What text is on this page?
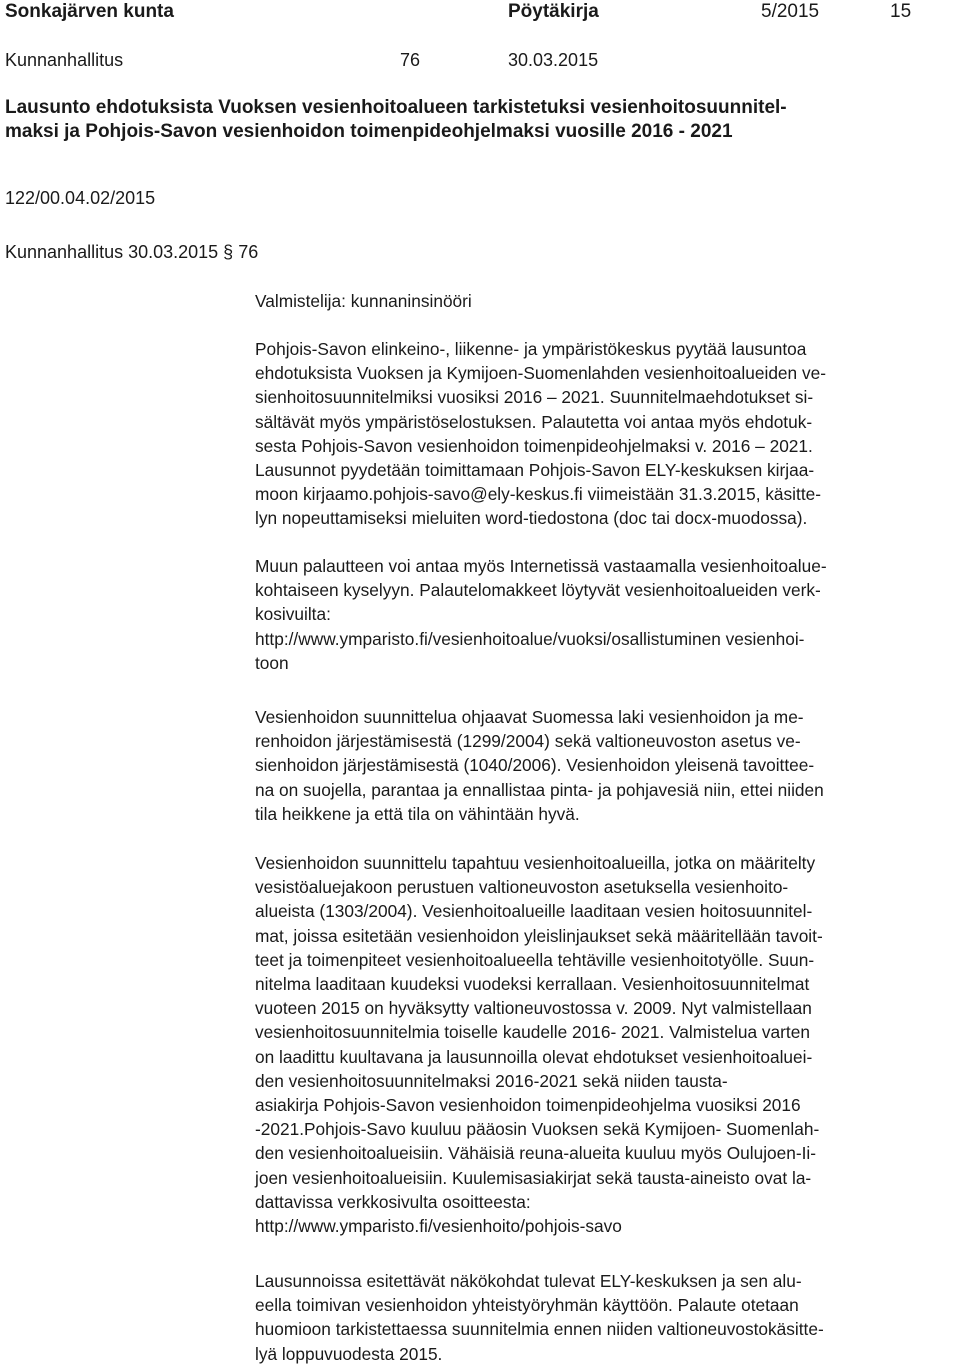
Sonkajärven kunta	Pöytäkirja	5/2015	15
Kunnanhallitus	76	30.03.2015
Lausunto ehdotuksista Vuoksen vesienhoitoalueen tarkistetuksi vesienhoitosuunnitel-
maksi ja Pohjois-Savon vesienhoidon toimenpideohjelmaksi vuosille 2016 - 2021
122/00.04.02/2015
Kunnanhallitus 30.03.2015 § 76
Valmistelija: kunnaninsinööri
Pohjois-Savon elinkeino-, liikenne- ja ympäristökeskus pyytää lausuntoa
ehdotuksista Vuoksen ja Kymijoen-Suomenlahden vesienhoitoalueiden ve-
sienhoitosuunnitelmiksi vuosiksi 2016 – 2021. Suunnitelmaehdotukset si-
sältävät myös ympäristöselostuksen. Palautetta voi antaa myös ehdotuk-
sesta Pohjois-Savon vesienhoidon toimenpideohjelmaksi v. 2016 – 2021.
Lausunnot pyydetään toimittamaan Pohjois-Savon ELY-keskuksen kirjaa-
moon kirjaamo.pohjois-savo@ely-keskus.fi viimeistään 31.3.2015, käsitte-
lyn nopeuttamiseksi mieluiten word-tiedostona (doc tai docx-muodossa).
Muun palautteen voi antaa myös Internetissä vastaamalla vesienhoitoalue-
kohtaiseen kyselyyn. Palautelomakkeet löytyvät vesienhoitoalueiden verk-
kosivuilta:
http://www.ymparisto.fi/vesienhoitoalue/vuoksi/osallistuminen vesienhoi-
toon
Vesienhoidon suunnittelua ohjaavat Suomessa laki vesienhoidon ja me-
renhoidon järjestämisestä (1299/2004) sekä valtioneuvoston asetus ve-
sienhoidon järjestämisestä (1040/2006). Vesienhoidon yleisenä tavoittee-
na on suojella, parantaa ja ennallistaa pinta- ja pohjavesiä niin, ettei niiden
tila heikkene ja että tila on vähintään hyvä.
Vesienhoidon suunnittelu tapahtuu vesienhoitoalueilla, jotka on määritelty
vesistöaluejakoon perustuen valtioneuvoston asetuksella vesienhoito-
alueista (1303/2004). Vesienhoitoalueille laaditaan vesien hoitosuunnitel-
mat, joissa esitetään vesienhoidon yleislinjaukset sekä määritellään tavoit-
teet ja toimenpiteet vesienhoitoalueella tehtäville vesienhoitotyölle. Suun-
nitelma laaditaan kuudeksi vuodeksi kerrallaan. Vesienhoitosuunnitelmat
vuoteen 2015 on hyväksytty valtioneuvostossa v. 2009. Nyt valmistellaan
vesienhoitosuunnitelmia toiselle kaudelle 2016- 2021. Valmistelua varten
on laadittu kuultavana ja lausunnoilla olevat ehdotukset vesienhoitoaluei-
den vesienhoitosuunnitelmaksi 2016-2021 sekä niiden tausta-
asiakirja Pohjois-Savon vesienhoidon toimenpideohjelma vuosiksi 2016
-2021.Pohjois-Savo kuuluu pääosin Vuoksen sekä Kymijoen- Suomenlah-
den vesienhoitoalueisiin. Vähäisiä reuna-alueita kuuluu myös Oulujoen-Ii-
joen vesienhoitoalueisiin. Kuulemisasiakirjat sekä tausta-aineisto ovat la-
dattavissa verkkosivulta osoitteesta:
http://www.ymparisto.fi/vesienhoito/pohjois-savo
Lausunnoissa esitettävät näkökohdat tulevat ELY-keskuksen ja sen alu-
eella toimivan vesienhoidon yhteistyöryhmän käyttöön. Palaute otetaan
huomioon tarkistettaessa suunnitelmia ennen niiden valtioneuvostokäsitte-
lyä loppuvuodesta 2015.
